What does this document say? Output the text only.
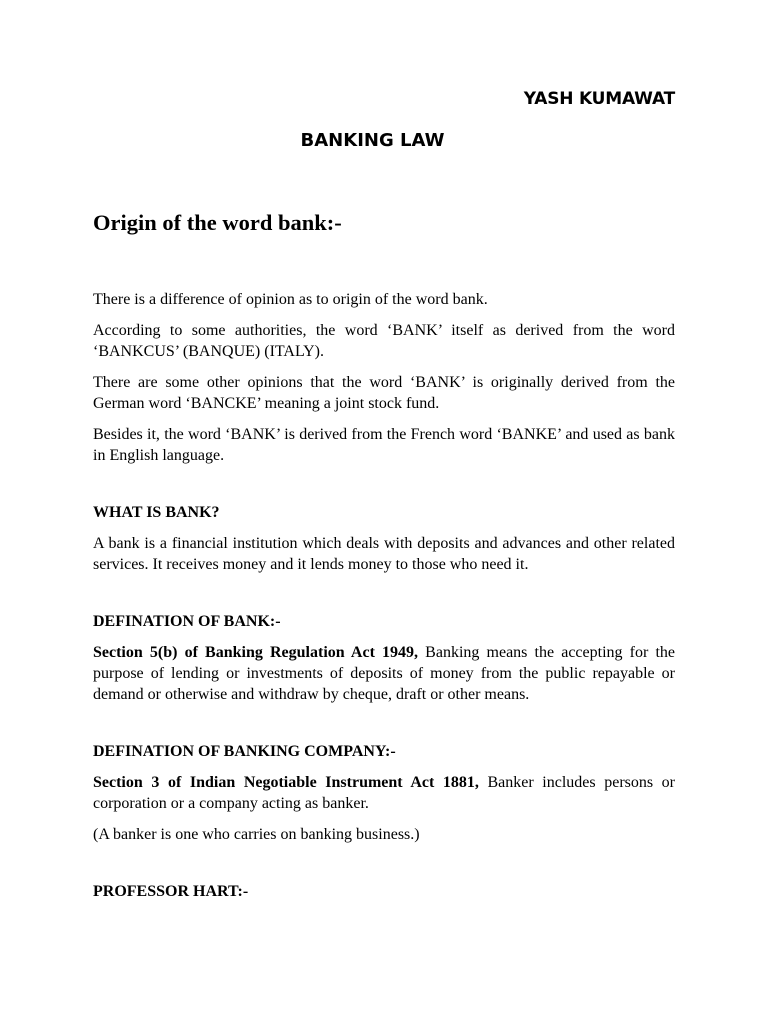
YASH KUMAWAT

BANKING LAW

Origin of the word bank:-

There is a difference of opinion as to origin of the word bank.

According to some authorities, the word ‘BANK’ itself as derived from the word ‘BANKCUS’ (BANQUE) (ITALY).

There are some other opinions that the word ‘BANK’ is originally derived from the German word ‘BANCKE’ meaning a joint stock fund.

Besides it, the word ‘BANK’ is derived from the French word ‘BANKE’ and used as bank in English language.

WHAT IS BANK?

A bank is a financial institution which deals with deposits and advances and other related services. It receives money and it lends money to those who need it.

DEFINATION OF BANK:-

Section 5(b) of Banking Regulation Act 1949, Banking means the accepting for the purpose of lending or investments of deposits of money from the public repayable or demand or otherwise and withdraw by cheque, draft or other means.

DEFINATION OF BANKING COMPANY:-

Section 3 of Indian Negotiable Instrument Act 1881, Banker includes persons or corporation or a company acting as banker.

(A banker is one who carries on banking business.)

PROFESSOR HART:-
